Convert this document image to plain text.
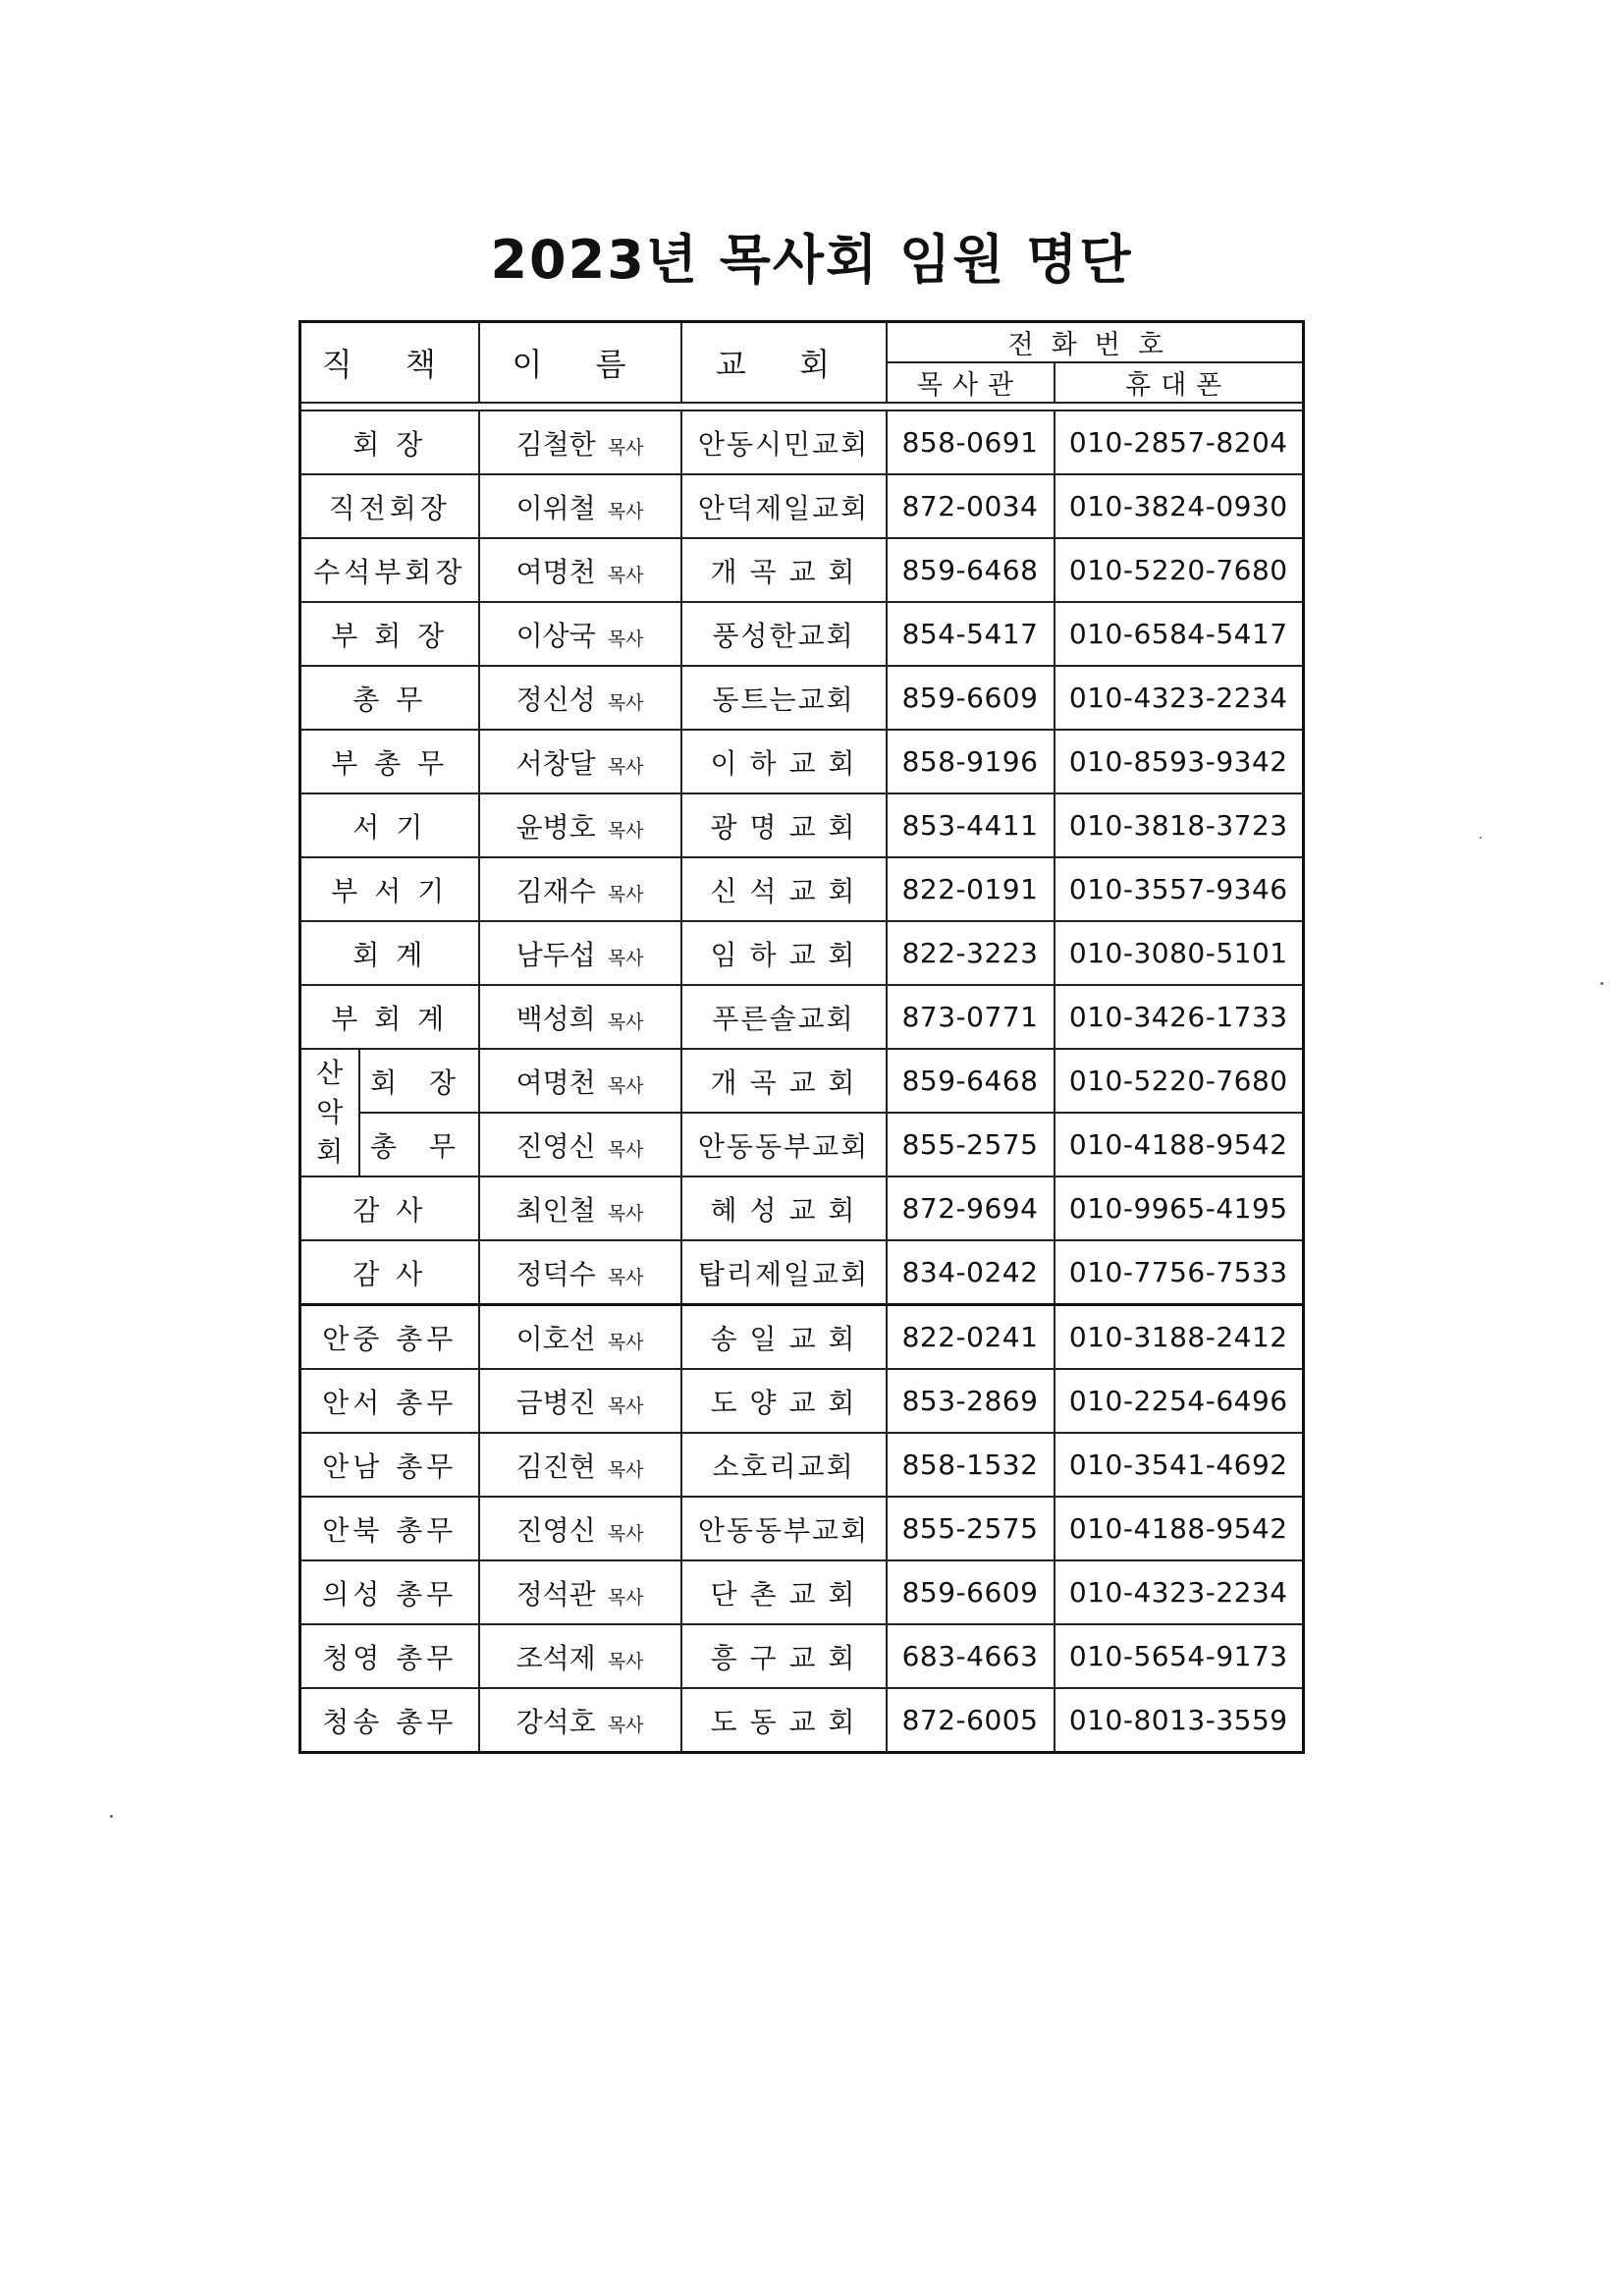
2023년 목사회 임원 명단
직 책		이 름	교 회	전화번호	
				목사관	휴대폰

회 장		김철한 목사	안동시민교회	858-0691	010-2857-8204
직전회장		이위철 목사	안덕제일교회	872-0034	010-3824-0930
수석부회장		여명천 목사	개 곡 교 회	859-6468	010-5220-7680
부 회 장		이상국 목사	풍성한교회	854-5417	010-6584-5417
총 무		정신성 목사	동트는교회	859-6609	010-4323-2234
부 총 무		서창달 목사	이 하 교 회	858-9196	010-8593-9342
서 기		윤병호 목사	광 명 교 회	853-4411	010-3818-3723
부 서 기		김재수 목사	신 석 교 회	822-0191	010-3557-9346
회 계		남두섭 목사	임 하 교 회	822-3223	010-3080-5101
부 회 계		백성희 목사	푸른솔교회	873-0771	010-3426-1733

산
악
회	회 장	여명천 목사	개 곡 교 회	859-6468	010-5220-7680
	총 무	진영신 목사	안동동부교회	855-2575	010-4188-9542
감 사		최인철 목사	혜 성 교 회	872-9694	010-9965-4195
감 사		정덕수 목사	탑리제일교회	834-0242	010-7756-7533
안중 총무		이호선 목사	송 일 교 회	822-0241	010-3188-2412
안서 총무		금병진 목사	도 양 교 회	853-2869	010-2254-6496
안남 총무		김진현 목사	소호리교회	858-1532	010-3541-4692
안북 총무		진영신 목사	안동동부교회	855-2575	010-4188-9542
의성 총무		정석관 목사	단 촌 교 회	859-6609	010-4323-2234
청영 총무		조석제 목사	흥 구 교 회	683-4663	010-5654-9173
청송 총무		강석호 목사	도 동 교 회	872-6005	010-8013-3559
